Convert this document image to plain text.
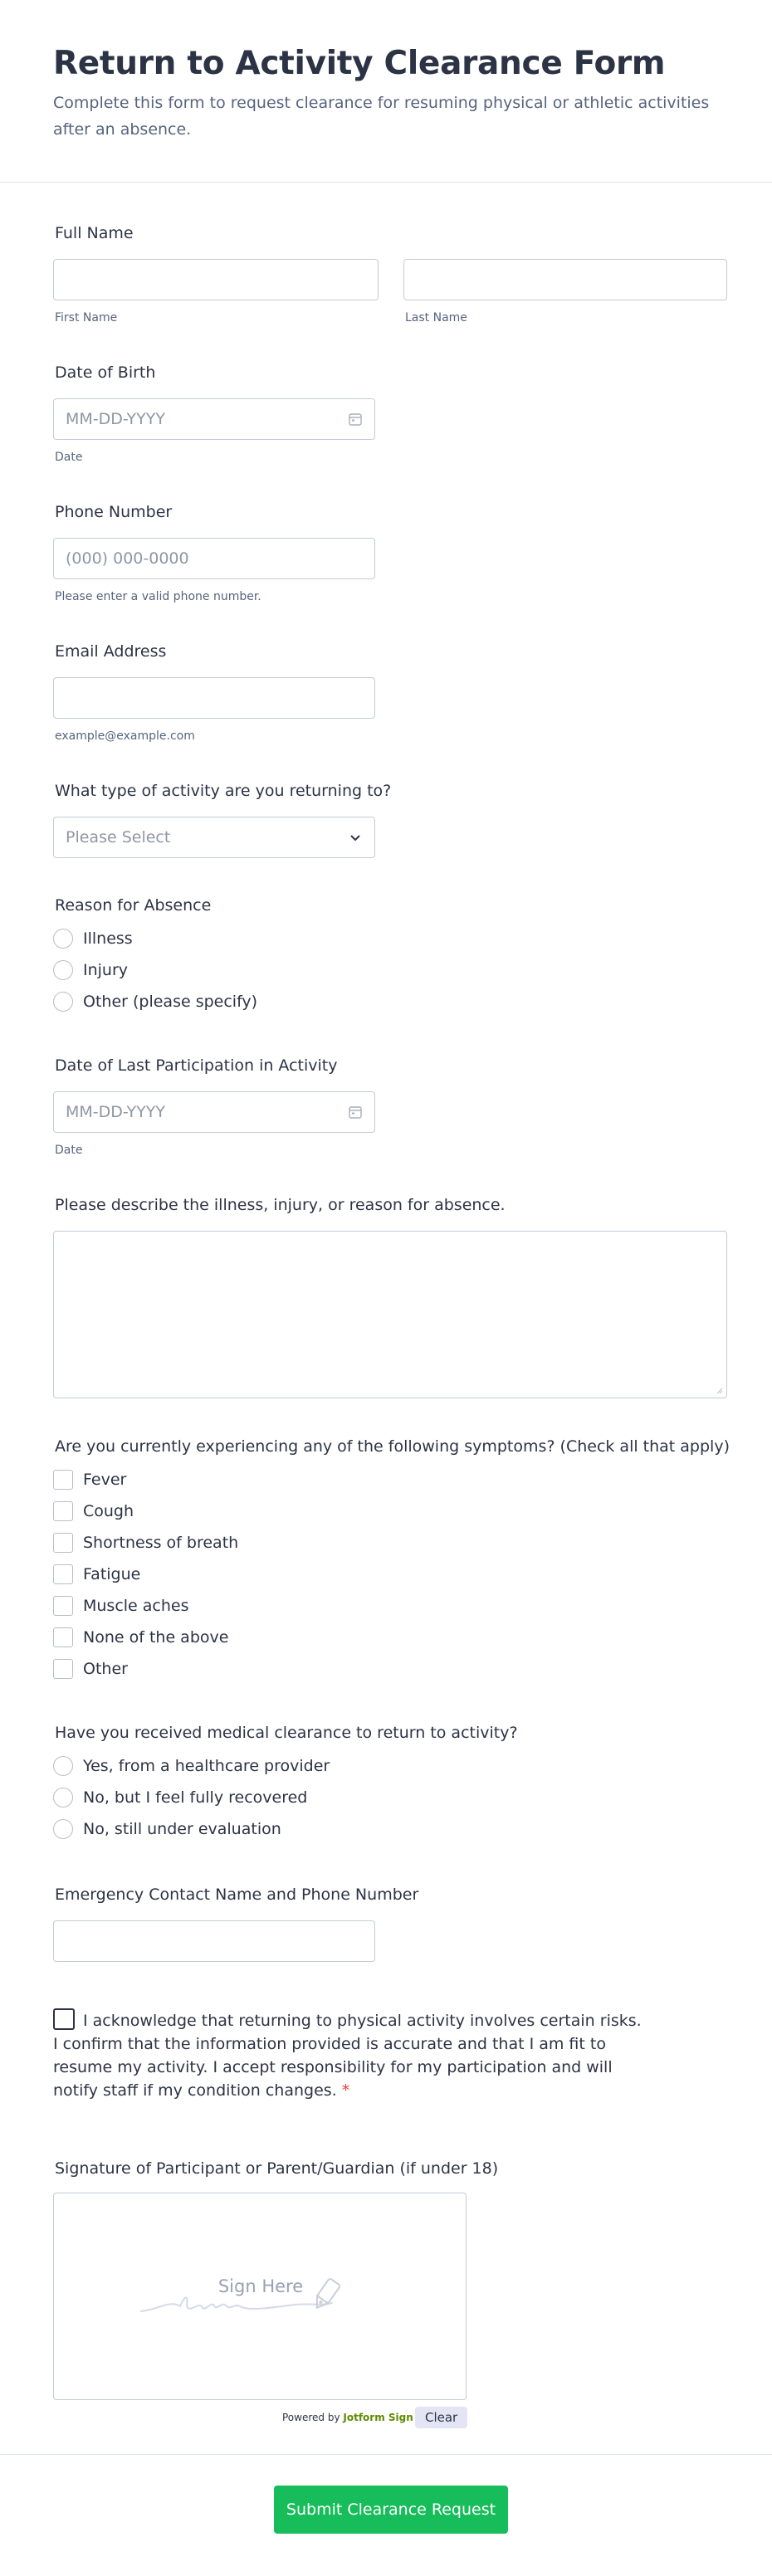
Return to Activity Clearance Form

Complete this form to request clearance for resuming physical or athletic activities after an absence.

Full Name
First Name	Last Name
Date of Birth
MM-DD-YYYY
Date
Phone Number
(000) 000-0000
Please enter a valid phone number.
Email Address
example@example.com
What type of activity are you returning to?
Please Select
Reason for Absence
Illness
Injury
Other (please specify)
Date of Last Participation in Activity
MM-DD-YYYY
Date
Please describe the illness, injury, or reason for absence.
Are you currently experiencing any of the following symptoms? (Check all that apply)
Fever
Cough
Shortness of breath
Fatigue
Muscle aches
None of the above
Other
Have you received medical clearance to return to activity?
Yes, from a healthcare provider
No, but I feel fully recovered
No, still under evaluation
Emergency Contact Name and Phone Number
I acknowledge that returning to physical activity involves certain risks. I confirm that the information provided is accurate and that I am fit to resume my activity. I accept responsibility for my participation and will notify staff if my condition changes. *
Signature of Participant or Parent/Guardian (if under 18)
Sign Here
Powered by Jotform Sign Clear
Submit Clearance Request
